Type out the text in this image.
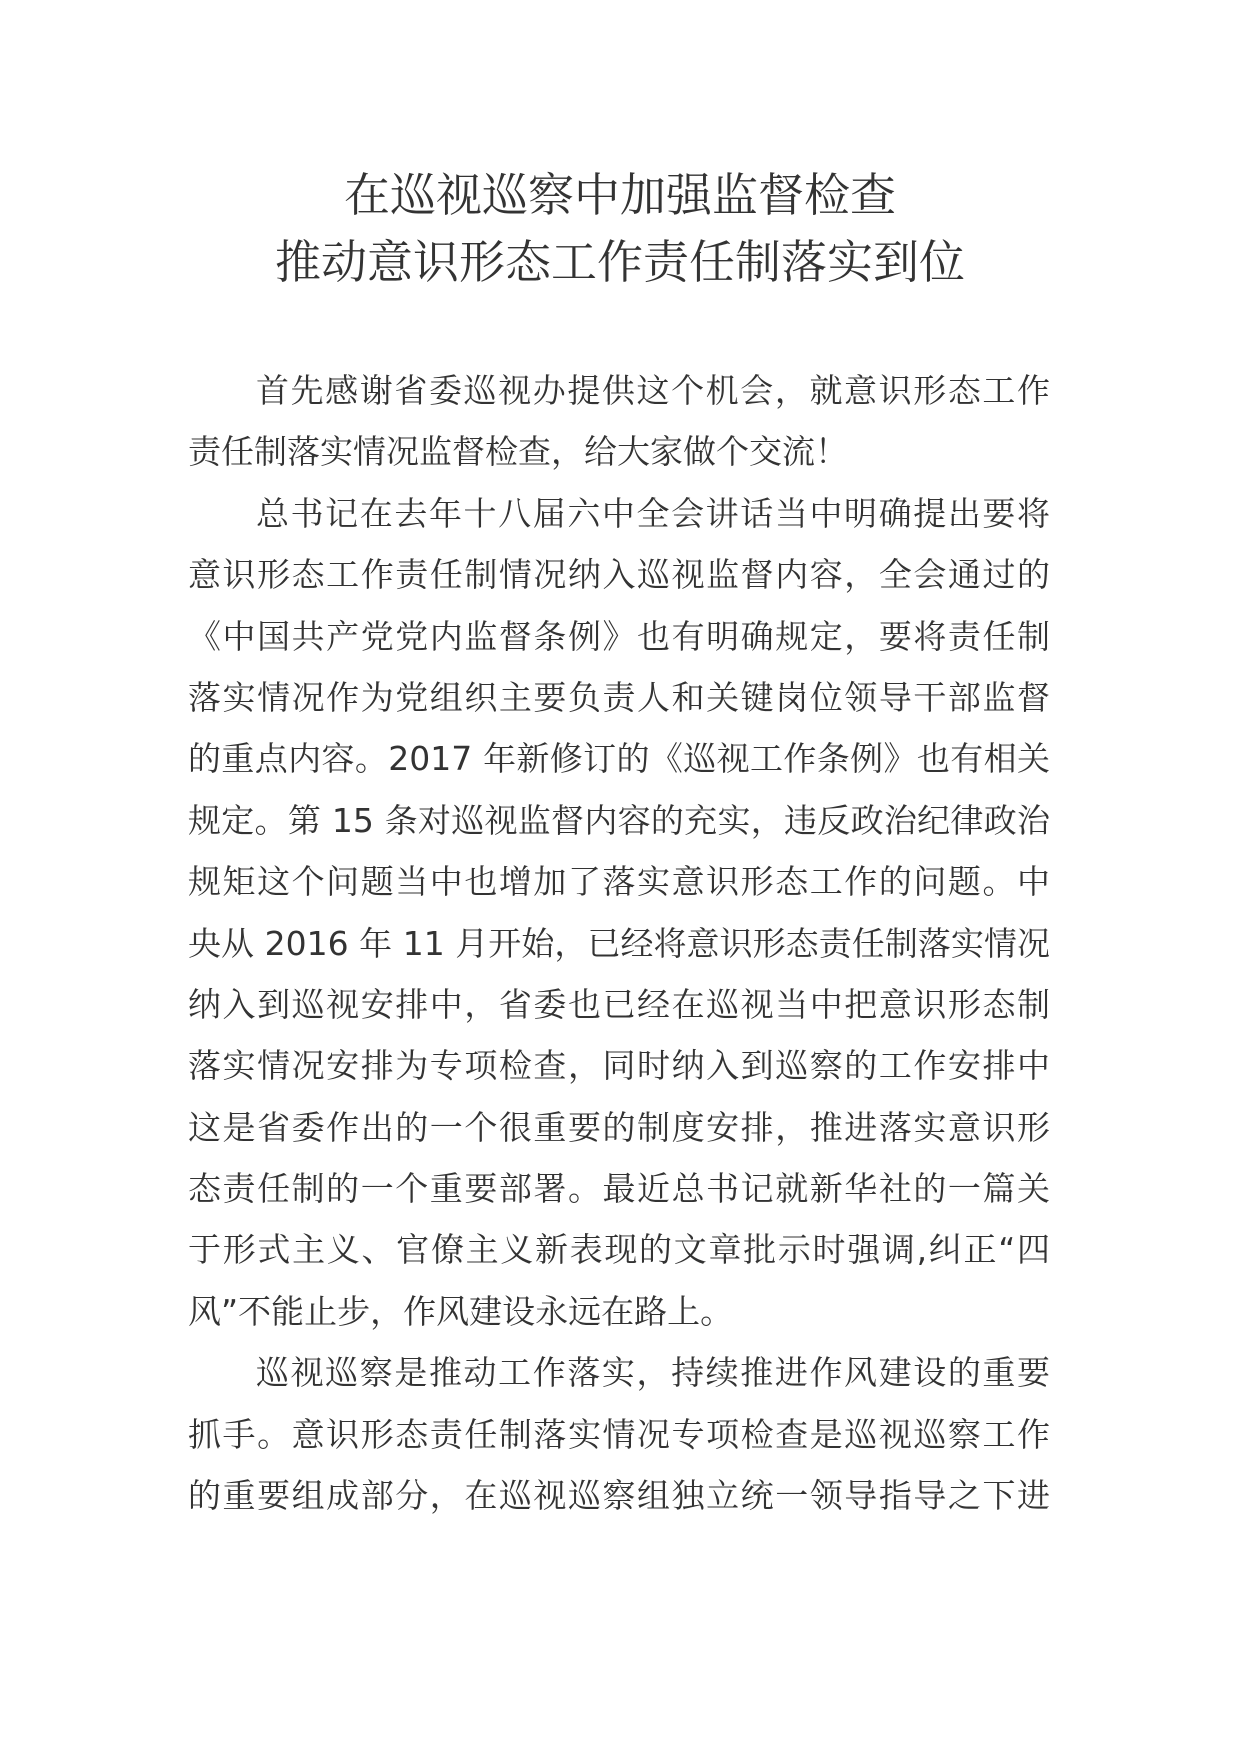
在巡视巡察中加强监督检查
推动意识形态工作责任制落实到位
首先感谢省委巡视办提供这个机会，就意识形态工作
责任制落实情况监督检查，给大家做个交流！
总书记在去年十八届六中全会讲话当中明确提出要将
意识形态工作责任制情况纳入巡视监督内容，全会通过的
《中国共产党党内监督条例》也有明确规定，要将责任制
落实情况作为党组织主要负责人和关键岗位领导干部监督
的重点内容。2017 年新修订的《巡视工作条例》也有相关
规定。第 15 条对巡视监督内容的充实，违反政治纪律政治
规矩这个问题当中也增加了落实意识形态工作的问题。中
央从 2016 年 11 月开始，已经将意识形态责任制落实情况
纳入到巡视安排中，省委也已经在巡视当中把意识形态制
落实情况安排为专项检查，同时纳入到巡察的工作安排中
这是省委作出的一个很重要的制度安排，推进落实意识形
态责任制的一个重要部署。最近总书记就新华社的一篇关
于形式主义、官僚主义新表现的文章批示时强调,纠正“四
风”不能止步，作风建设永远在路上。
巡视巡察是推动工作落实，持续推进作风建设的重要
抓手。意识形态责任制落实情况专项检查是巡视巡察工作
的重要组成部分，在巡视巡察组独立统一领导指导之下进
